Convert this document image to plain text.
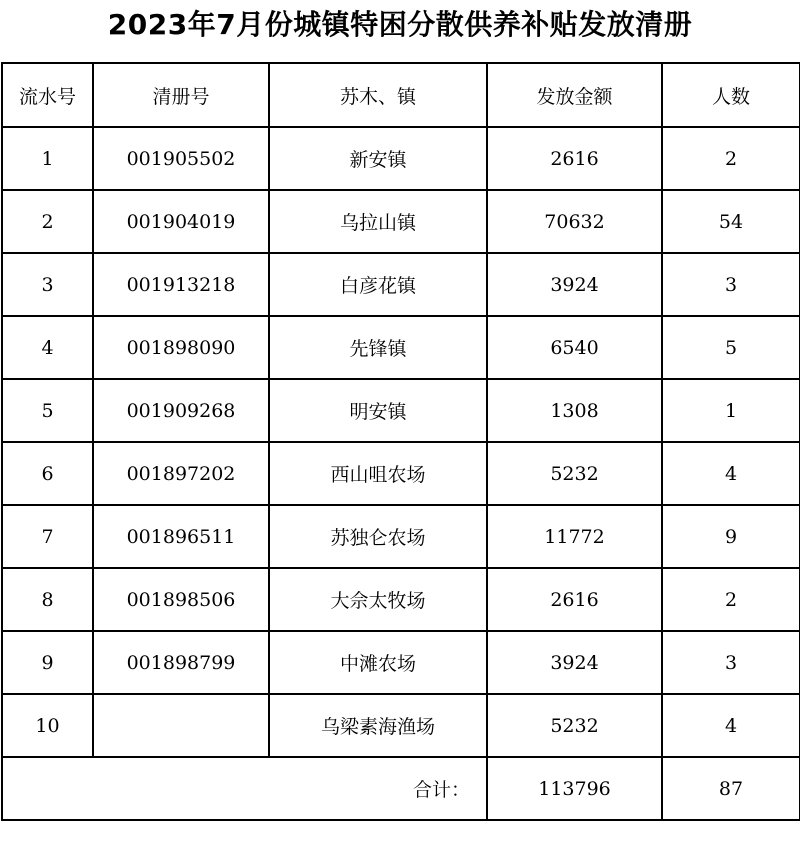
2023年7月份城镇特困分散供养补贴发放清册
流水号	清册号	苏木、镇	发放金额	人数
1	001905502	新安镇	2616	2
2	001904019	乌拉山镇	70632	54
3	001913218	白彦花镇	3924	3
4	001898090	先锋镇	6540	5
5	001909268	明安镇	1308	1
6	001897202	西山咀农场	5232	4
7	001896511	苏独仑农场	11772	9
8	001898506	大佘太牧场	2616	2
9	001898799	中滩农场	3924	3
10		乌梁素海渔场	5232	4
合计：			113796	87
